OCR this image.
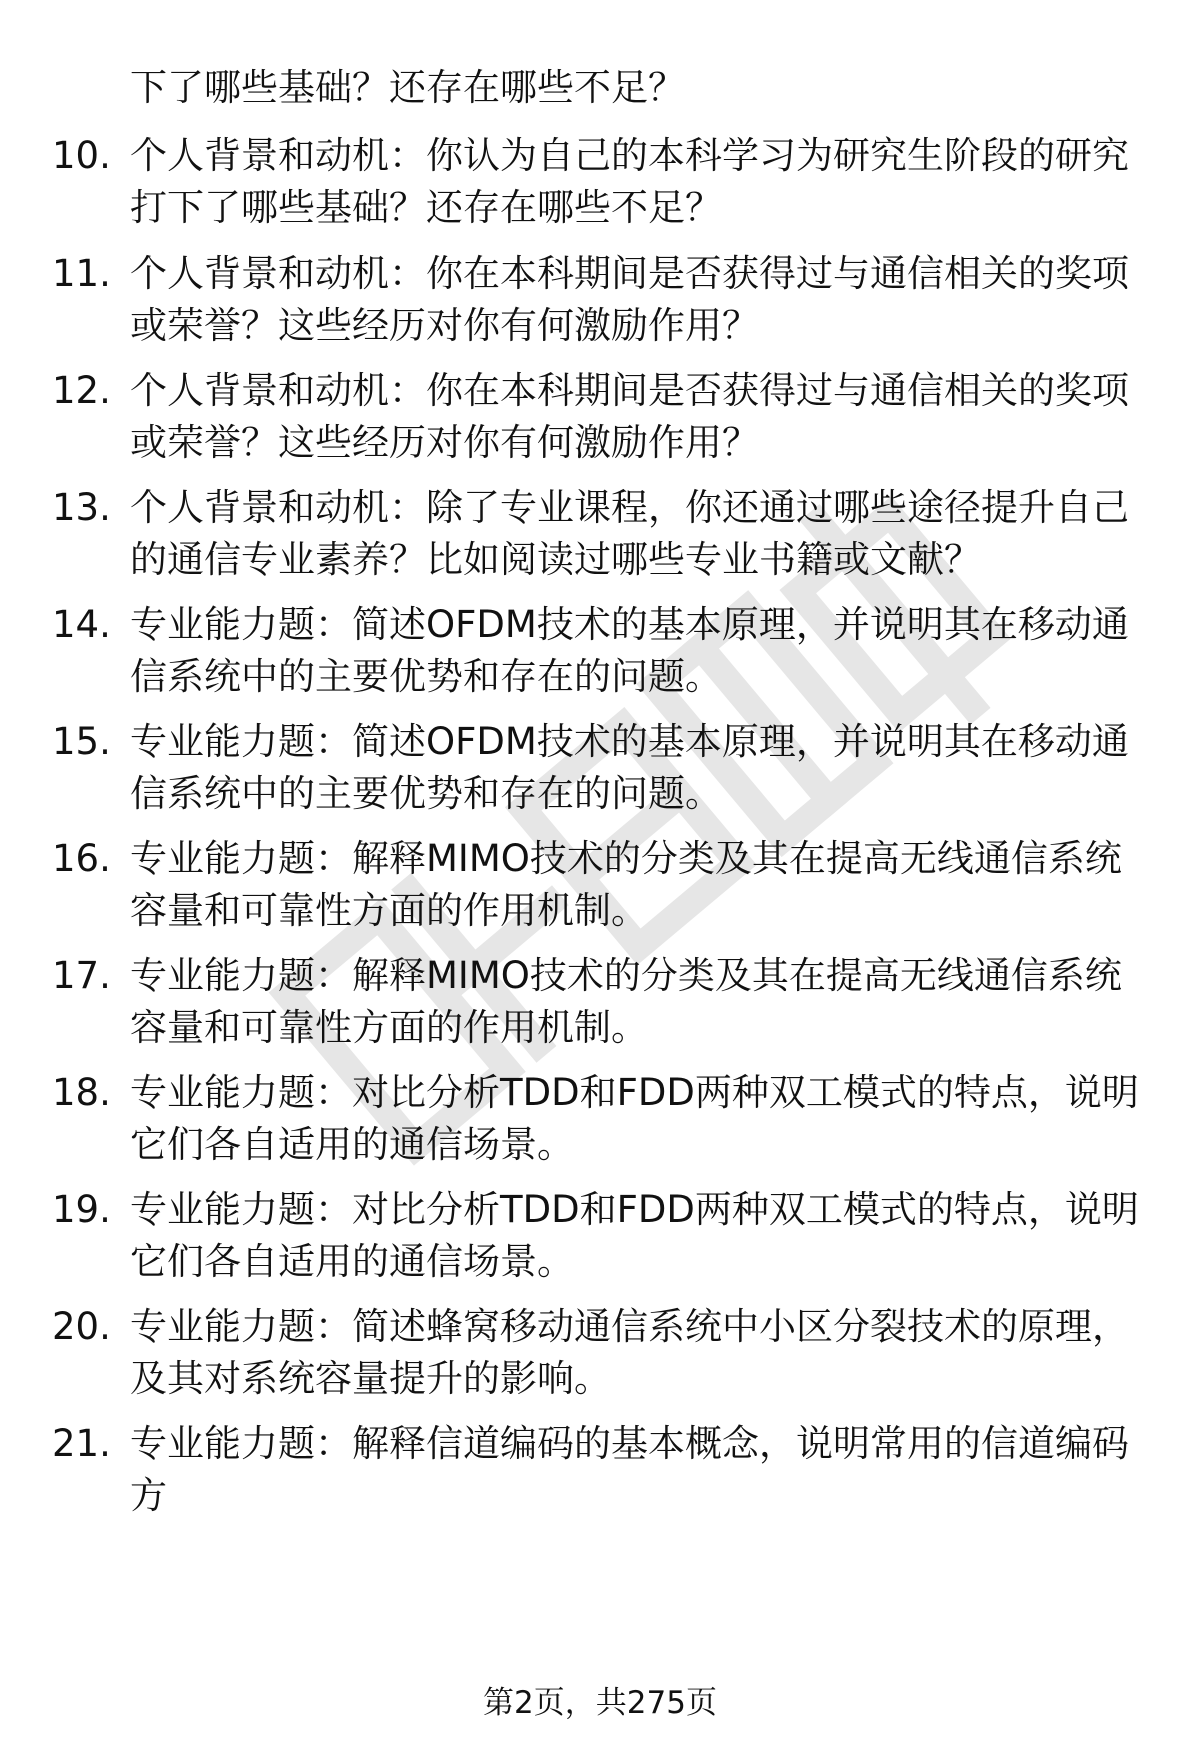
下了哪些基础？还存在哪些不足？

10. 个人背景和动机：你认为自己的本科学习为研究生阶段的研究打下了哪些基础？还存在哪些不足？

11. 个人背景和动机：你在本科期间是否获得过与通信相关的奖项或荣誉？这些经历对你有何激励作用？

12. 个人背景和动机：你在本科期间是否获得过与通信相关的奖项或荣誉？这些经历对你有何激励作用？

13. 个人背景和动机：除了专业课程，你还通过哪些途径提升自己的通信专业素养？比如阅读过哪些专业书籍或文献？

14. 专业能力题：简述OFDM技术的基本原理，并说明其在移动通信系统中的主要优势和存在的问题。

15. 专业能力题：简述OFDM技术的基本原理，并说明其在移动通信系统中的主要优势和存在的问题。

16. 专业能力题：解释MIMO技术的分类及其在提高无线通信系统容量和可靠性方面的作用机制。

17. 专业能力题：解释MIMO技术的分类及其在提高无线通信系统容量和可靠性方面的作用机制。

18. 专业能力题：对比分析TDD和FDD两种双工模式的特点，说明它们各自适用的通信场景。

19. 专业能力题：对比分析TDD和FDD两种双工模式的特点，说明它们各自适用的通信场景。

20. 专业能力题：简述蜂窝移动通信系统中小区分裂技术的原理，及其对系统容量提升的影响。

21. 专业能力题：解释信道编码的基本概念，说明常用的信道编码方

第2页，共275页
